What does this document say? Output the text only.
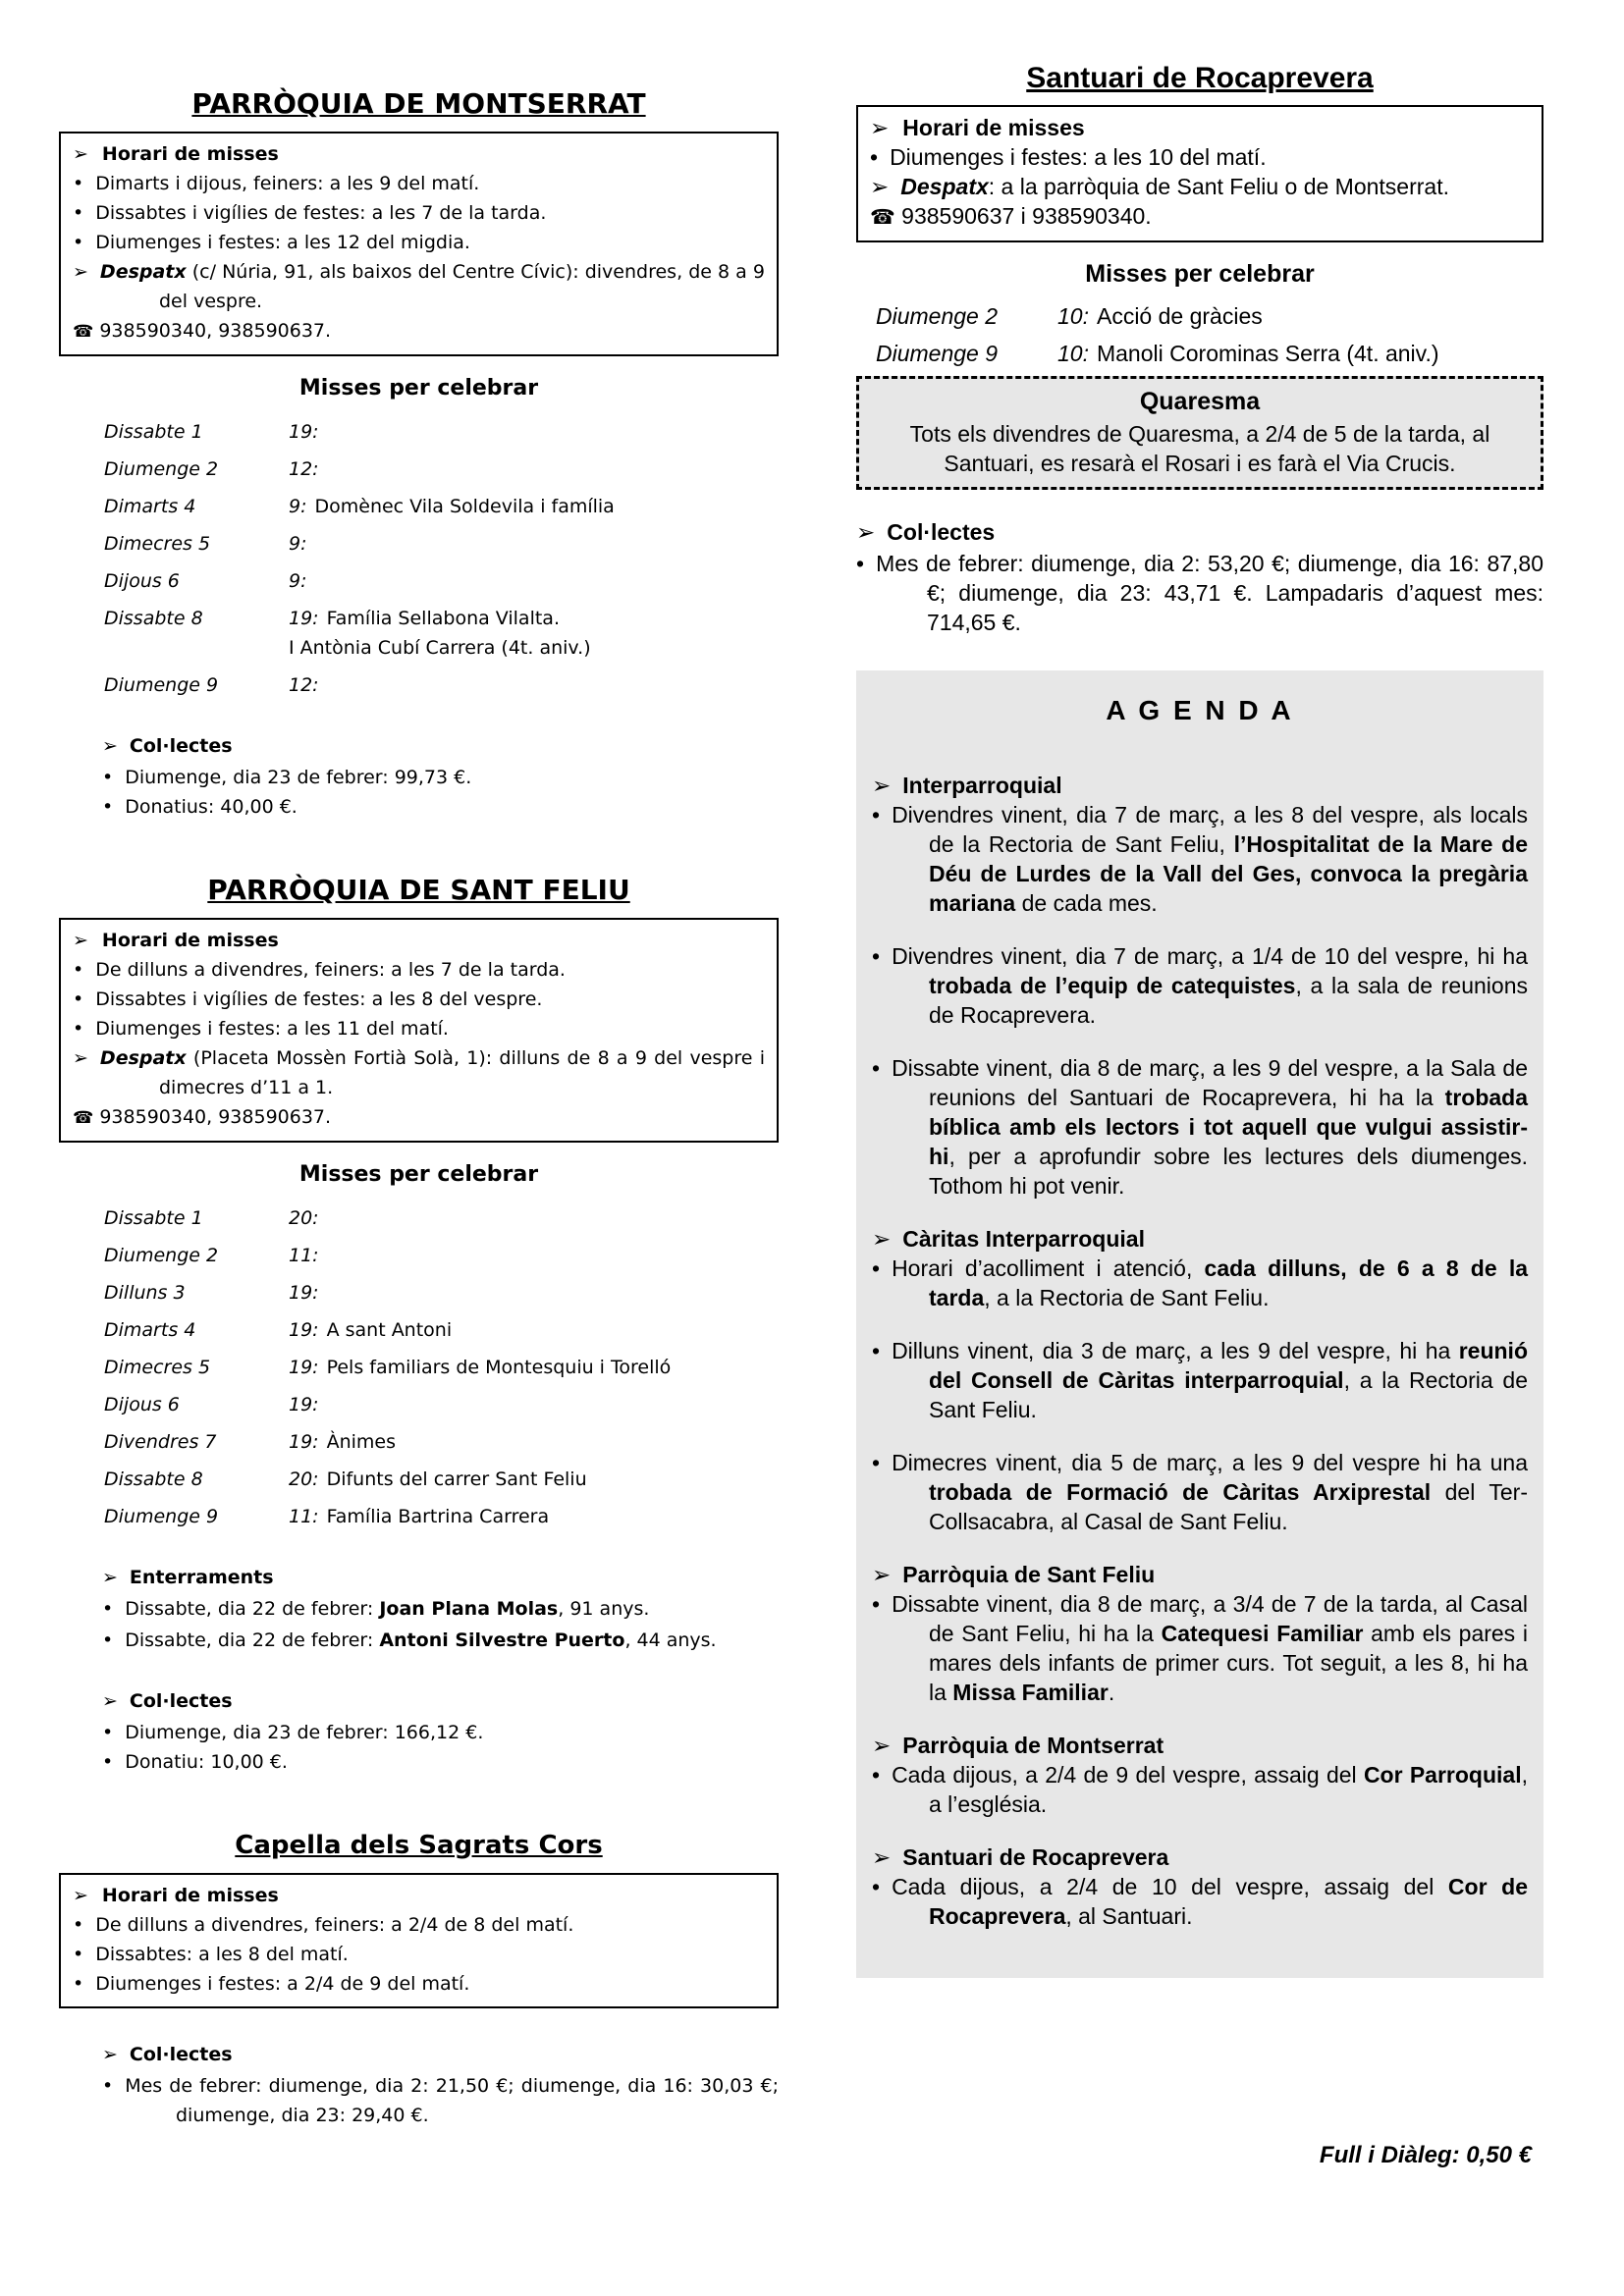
PARRÒQUIA DE MONTSERRAT
➢ Horari de misses
• Dimarts i dijous, feiners: a les 9 del matí.
• Dissabtes i vigílies de festes: a les 7 de la tarda.
• Diumenges i festes: a les 12 del migdia.
➢ Despatx (c/ Núria, 91, als baixos del Centre Cívic): divendres, de 8 a 9 del vespre.
☎ 938590340, 938590637.
Misses per celebrar
Dissabte 1	19:
Diumenge 2	12:
Dimarts 4	9: Domènec Vila Soldevila i família
Dimecres 5	9:
Dijous 6	9:
Dissabte 8	19: Família Sellabona Vilalta.
I Antònia Cubí Carrera (4t. aniv.)
Diumenge 9	12:
➢ Col·lectes
• Diumenge, dia 23 de febrer: 99,73 €.
• Donatius: 40,00 €.
PARRÒQUIA DE SANT FELIU
➢ Horari de misses
• De dilluns a divendres, feiners: a les 7 de la tarda.
• Dissabtes i vigílies de festes: a les 8 del vespre.
• Diumenges i festes: a les 11 del matí.
➢ Despatx (Placeta Mossèn Fortià Solà, 1): dilluns de 8 a 9 del vespre i dimecres d’11 a 1.
☎ 938590340, 938590637.
Misses per celebrar
Dissabte 1	20:
Diumenge 2	11:
Dilluns 3	19:
Dimarts 4	19: A sant Antoni
Dimecres 5	19: Pels familiars de Montesquiu i Torelló
Dijous 6	19:
Divendres 7	19: Ànimes
Dissabte 8	20: Difunts del carrer Sant Feliu
Diumenge 9	11: Família Bartrina Carrera
➢ Enterraments
• Dissabte, dia 22 de febrer: Joan Plana Molas, 91 anys.
• Dissabte, dia 22 de febrer: Antoni Silvestre Puerto, 44 anys.
➢ Col·lectes
• Diumenge, dia 23 de febrer: 166,12 €.
• Donatiu: 10,00 €.
Capella dels Sagrats Cors
➢ Horari de misses
• De dilluns a divendres, feiners: a 2/4 de 8 del matí.
• Dissabtes: a les 8 del matí.
• Diumenges i festes: a 2/4 de 9 del matí.
➢ Col·lectes
• Mes de febrer: diumenge, dia 2: 21,50 €; diumenge, dia 16: 30,03 €; diumenge, dia 23: 29,40 €.
Santuari de Rocaprevera
➢ Horari de misses
• Diumenges i festes: a les 10 del matí.
➢ Despatx: a la parròquia de Sant Feliu o de Montserrat.
☎ 938590637 i 938590340.
Misses per celebrar
Diumenge 2	10: Acció de gràcies
Diumenge 9	10: Manoli Corominas Serra (4t. aniv.)
Quaresma
Tots els divendres de Quaresma, a 2/4 de 5 de la tarda, al Santuari, es resarà el Rosari i es farà el Via Crucis.
➢ Col·lectes
• Mes de febrer: diumenge, dia 2: 53,20 €; diumenge, dia 16: 87,80 €; diumenge, dia 23: 43,71 €. Lampadaris d’aquest mes: 714,65 €.
A G E N D A
➢ Interparroquial
• Divendres vinent, dia 7 de març, a les 8 del vespre, als locals de la Rectoria de Sant Feliu, l’Hospitalitat de la Mare de Déu de Lurdes de la Vall del Ges, convoca la pregària mariana de cada mes.
• Divendres vinent, dia 7 de març, a 1/4 de 10 del vespre, hi ha trobada de l’equip de catequistes, a la sala de reunions de Rocaprevera.
• Dissabte vinent, dia 8 de març, a les 9 del vespre, a la Sala de reunions del Santuari de Rocaprevera, hi ha la trobada bíblica amb els lectors i tot aquell que vulgui assistir-hi, per a aprofundir sobre les lectures dels diumenges. Tothom hi pot venir.
➢ Càritas Interparroquial
• Horari d’acolliment i atenció, cada dilluns, de 6 a 8 de la tarda, a la Rectoria de Sant Feliu.
• Dilluns vinent, dia 3 de març, a les 9 del vespre, hi ha reunió del Consell de Càritas interparroquial, a la Rectoria de Sant Feliu.
• Dimecres vinent, dia 5 de març, a les 9 del vespre hi ha una trobada de Formació de Càritas Arxiprestal del Ter-Collsacabra, al Casal de Sant Feliu.
➢ Parròquia de Sant Feliu
• Dissabte vinent, dia 8 de març, a 3/4 de 7 de la tarda, al Casal de Sant Feliu, hi ha la Catequesi Familiar amb els pares i mares dels infants de primer curs. Tot seguit, a les 8, hi ha la Missa Familiar.
➢ Parròquia de Montserrat
• Cada dijous, a 2/4 de 9 del vespre, assaig del Cor Parroquial, a l’església.
➢ Santuari de Rocaprevera
• Cada dijous, a 2/4 de 10 del vespre, assaig del Cor de Rocaprevera, al Santuari.
Full i Diàleg: 0,50 €
